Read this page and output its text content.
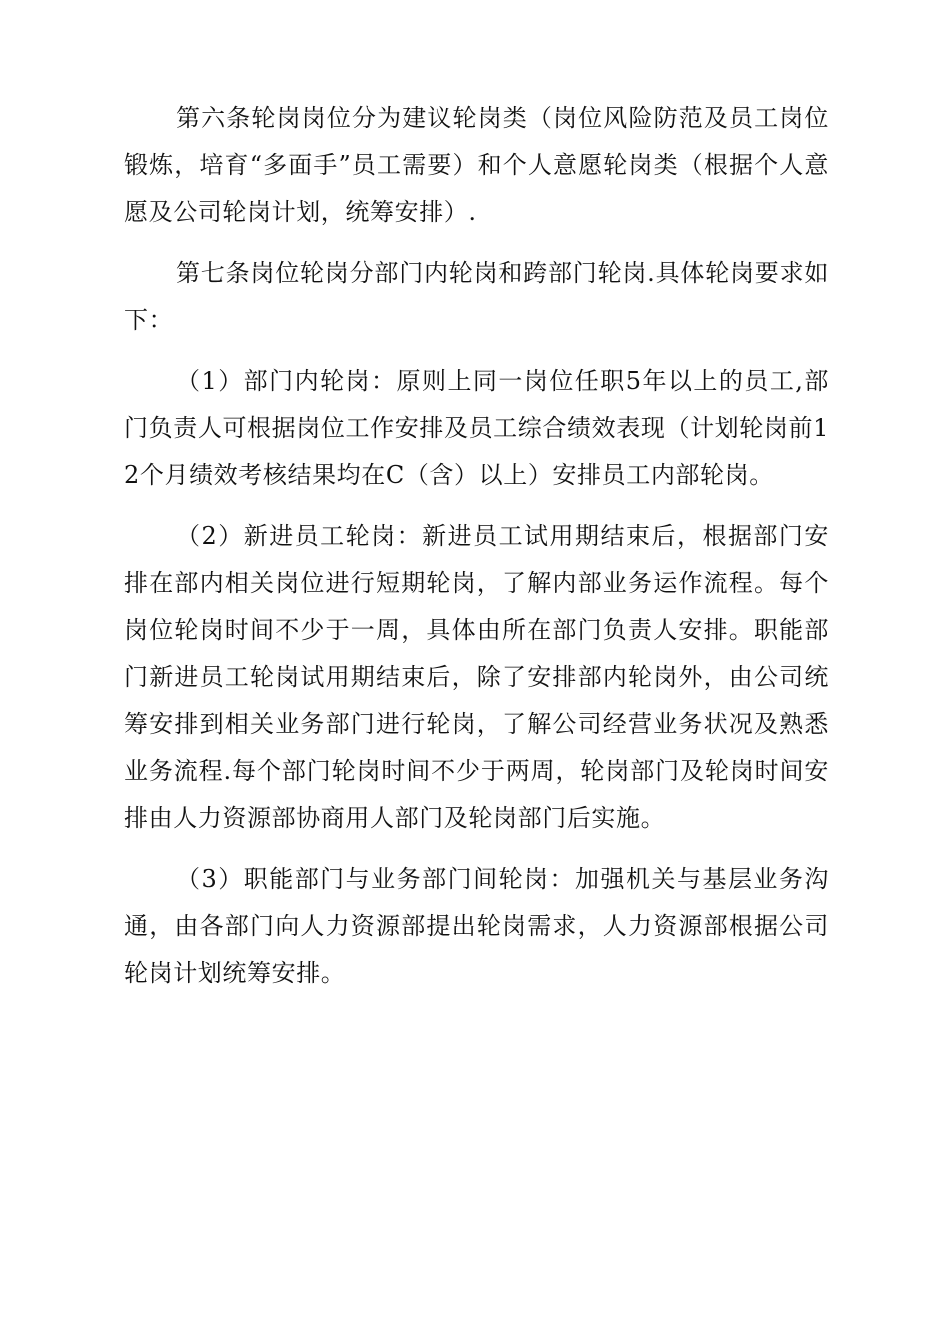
第六条轮岗岗位分为建议轮岗类（岗位风险防范及员工岗位锻炼，培育“多面手”员工需要）和个人意愿轮岗类（根据个人意愿及公司轮岗计划，统筹安排）.

第七条岗位轮岗分部门内轮岗和跨部门轮岗.具体轮岗要求如下：

（1）部门内轮岗：原则上同一岗位任职5年以上的员工,部门负责人可根据岗位工作安排及员工综合绩效表现（计划轮岗前12个月绩效考核结果均在C（含）以上）安排员工内部轮岗。

（2）新进员工轮岗：新进员工试用期结束后，根据部门安排在部内相关岗位进行短期轮岗，了解内部业务运作流程。每个岗位轮岗时间不少于一周，具体由所在部门负责人安排。职能部门新进员工轮岗试用期结束后，除了安排部内轮岗外，由公司统筹安排到相关业务部门进行轮岗，了解公司经营业务状况及熟悉业务流程.每个部门轮岗时间不少于两周，轮岗部门及轮岗时间安排由人力资源部协商用人部门及轮岗部门后实施。

（3）职能部门与业务部门间轮岗：加强机关与基层业务沟通，由各部门向人力资源部提出轮岗需求，人力资源部根据公司轮岗计划统筹安排。
